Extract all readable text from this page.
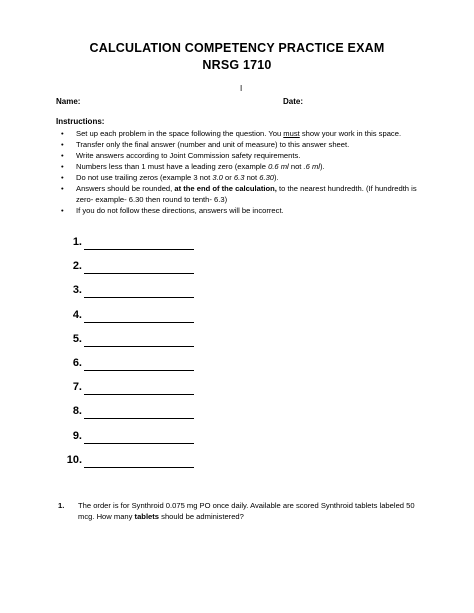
CALCULATION COMPETENCY PRACTICE EXAM
NRSG 1710
I
Name:	Date:
Instructions:
• Set up each problem in the space following the question. You must show your work in this space.
• Transfer only the final answer (number and unit of measure) to this answer sheet.
• Write answers according to Joint Commission safety requirements.
• Numbers less than 1 must have a leading zero (example 0.6 ml not .6 ml).
• Do not use trailing zeros (example 3 not 3.0 or 6.3 not 6.30).
• Answers should be rounded, at the end of the calculation, to the nearest hundredth. (If hundredth is zero- example- 6.30 then round to tenth- 6.3)
• If you do not follow these directions, answers will be incorrect.
1.
2.
3.
4.
5.
6.
7.
8.
9.
10.
1. The order is for Synthroid 0.075 mg PO once daily. Available are scored Synthroid tablets labeled 50 mcg. How many tablets should be administered?
